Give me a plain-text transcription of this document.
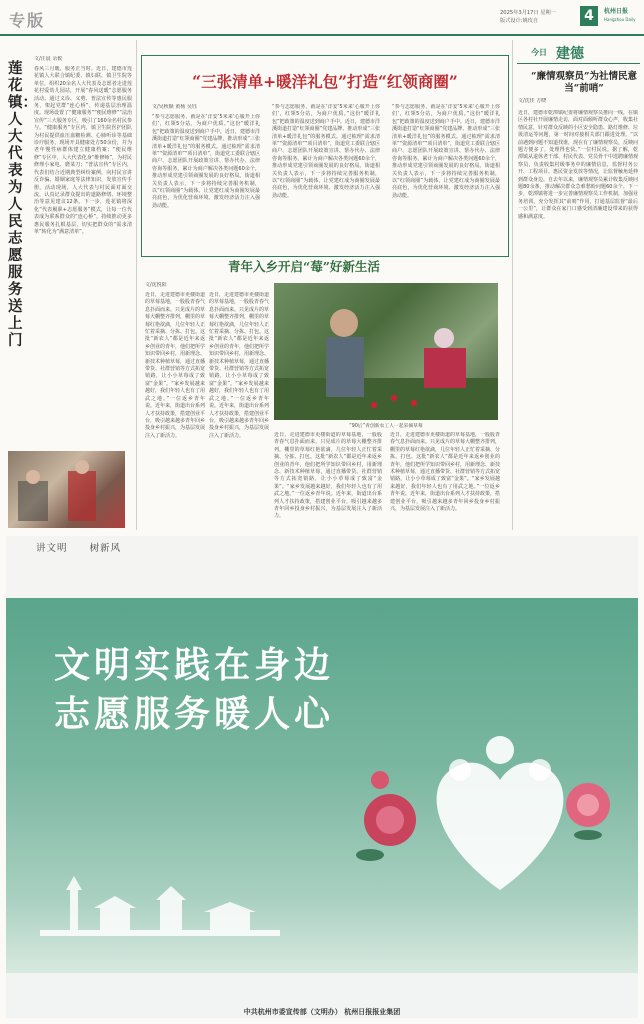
专版	2025年3月17日 星期一
版式设计:姚玫自	4	杭州日报
Hangzhou Daily
莲花镇：人大代表为人民志愿服务送上门
文/汪晨 余攸
春风三月暖，服务正当时。近日，建德市莲花镇人大联合镇纪委、镇妇联、镇卫生院等单位，组织20余名人大代表及志愿者走进莲花村爱幼儿园站，开展“春风送暖”志愿服务活动。通过义诊、义剪、普法宣传等惠民服务，架起党群“连心桥”，传递基层治理温度。现场设置了“健康服务”“便民维修”“法治宣传”三大服务专区，吸引了160余名村民参与。“健康服务”专区内，镇卫生院医护团队为村民提供血压血糖检测、心肺听诊等基础诊疗服务，现场开具健康处方50余份，并为老年慢性病群体建立健康档案；“便民维修”专区中，人大代表化身“维修师”，为村民修理小家电、磨菜刀；“普法宣传”专区内，代表们结合近期典型纠纷案例，向村民宣讲反诈骗、婚姻家庭等法律知识，发放宣传手册。活动现场，人大代表与村民面对面交流，认真记录群众提出的道路修缮、环境整治等意见建议12条。下一步，莲花镇将深化“代表履职+志愿服务”模式，让每一位代表成为联系群众的“连心桥”，持续推动更多惠民服务扎根基层，切实把群众的“需求清单”转化为“满意清单”。
“三张清单+暖洋礼包”打造“红领商圈”
文/吴秋顺 黄杨 吴钰
“参与志愿服务，就是在‘洋安’5米来‘心服开上你们’，红领5分站，为商户优质。”这份“暖洋礼包”把政策的温度送到商户手中。近日，建德市洋溪街道打造“红领商圈”党建品牌，推动形成“三张清单+暖洋礼包”的服务模式。通过梳理“需求清单”“资源清单”“项目清单”，街道党工委联合辖区商户、志愿团队开展政策宣讲、帮办代办、法律咨询等服务，累计为商户解决各类问题60余个，推动形成党建引领商圈发展的良好格局。街道相关负责人表示，下一步将持续完善服务机制，以“红领商圈”为载体，让党建红成为商圈发展最亮底色，为优化营商环境、激发经济活力注入强劲动能。
“参与志愿服务，就是在‘洋安’5米来‘心服开上你们’，红领5分站，为商户优质。”这份“暖洋礼包”把政策的温度送到商户手中。近日，建德市洋溪街道打造“红领商圈”党建品牌，推动形成“三张清单+暖洋礼包”的服务模式。通过梳理“需求清单”“资源清单”“项目清单”，街道党工委联合辖区商户、志愿团队开展政策宣讲、帮办代办、法律咨询等服务，累计为商户解决各类问题60余个，推动形成党建引领商圈发展的良好格局。街道相关负责人表示，下一步将持续完善服务机制，以“红领商圈”为载体，让党建红成为商圈发展最亮底色，为优化营商环境、激发经济活力注入强劲动能。
“参与志愿服务，就是在‘洋安’5米来‘心服开上你们’，红领5分站，为商户优质。”这份“暖洋礼包”把政策的温度送到商户手中。近日，建德市洋溪街道打造“红领商圈”党建品牌，推动形成“三张清单+暖洋礼包”的服务模式。通过梳理“需求清单”“资源清单”“项目清单”，街道党工委联合辖区商户、志愿团队开展政策宣讲、帮办代办、法律咨询等服务，累计为商户解决各类问题60余个，推动形成党建引领商圈发展的良好格局。街道相关负责人表示，下一步将持续完善服务机制，以“红领商圈”为载体，让党建红成为商圈发展最亮底色，为优化营商环境、激发经济活力注入强劲动能。
青年入乡开启“莓”好新生活
文/沈悦阳
近日，走进建德市更楼街道的草莓基地，一股股青春气息扑面而来。只见成片的草莓大棚整齐排列，棚里的草莓红艳欲滴，几位年轻人正忙着采摘、分拣、打包。这批“新农人”都是近年来返乡创业的青年，他们把所学知识带回乡村，用新理念、新技术种植草莓，通过直播带货、社群营销等方式拓宽销路，让小小草莓成了致富“金果”。“家乡发展越来越好，我们年轻人也有了用武之地。”一位返乡青年说。近年来，街道出台系列人才扶持政策，搭建创业平台，吸引越来越多青年回乡投身乡村振兴，为基层发展注入了新活力。
近日，走进建德市更楼街道的草莓基地，一股股青春气息扑面而来。只见成片的草莓大棚整齐排列，棚里的草莓红艳欲滴，几位年轻人正忙着采摘、分拣、打包。这批“新农人”都是近年来返乡创业的青年，他们把所学知识带回乡村，用新理念、新技术种植草莓，通过直播带货、社群营销等方式拓宽销路，让小小草莓成了致富“金果”。“家乡发展越来越好，我们年轻人也有了用武之地。”一位返乡青年说。近年来，街道出台系列人才扶持政策，搭建创业平台，吸引越来越多青年回乡投身乡村振兴，为基层发展注入了新活力。
“90后”青创新农工人一起采摘草莓
近日，走进建德市更楼街道的草莓基地，一股股青春气息扑面而来。只见成片的草莓大棚整齐排列，棚里的草莓红艳欲滴，几位年轻人正忙着采摘、分拣、打包。这批“新农人”都是近年来返乡创业的青年，他们把所学知识带回乡村，用新理念、新技术种植草莓，通过直播带货、社群营销等方式拓宽销路，让小小草莓成了致富“金果”。“家乡发展越来越好，我们年轻人也有了用武之地。”一位返乡青年说。近年来，街道出台系列人才扶持政策，搭建创业平台，吸引越来越多青年回乡投身乡村振兴，为基层发展注入了新活力。
近日，走进建德市更楼街道的草莓基地，一股股青春气息扑面而来。只见成片的草莓大棚整齐排列，棚里的草莓红艳欲滴，几位年轻人正忙着采摘、分拣、打包。这批“新农人”都是近年来返乡创业的青年，他们把所学知识带回乡村，用新理念、新技术种植草莓，通过直播带货、社群营销等方式拓宽销路，让小小草莓成了致富“金果”。“家乡发展越来越好，我们年轻人也有了用武之地。”一位返乡青年说。近年来，街道出台系列人才扶持政策，搭建创业平台，吸引越来越多青年回乡投身乡村振兴，为基层发展注入了新活力。
今日 建德
“廉情观察员”为社情民意当“前哨”
文/沈佳 方晓
近日，建德市乾潭镇纪委将廉情观察员推向一线，在镇区各村社开展廉情走访，面对面倾听群众心声，收集社情民意，针对群众反映的小区安全隐患、路灯维修、垃圾清运等问题，第一时间对接相关部门跟进处理。“以前遇到问题不知道找谁，现在有了廉情观察员，反映问题方便多了，处理得也快。”一位村民说。据了解，乾潭镇从退休老干部、村民代表、党员骨干中选聘廉情观察员，负责收集村级事务中的廉情信息，监督村务公开、工程项目、惠民资金发放等情况，让监督触角延伸到群众身边。自去年以来，廉情观察员累计收集反映问题80余条，推动解决群众急难愁盼问题60余个。下一步，乾潭镇将进一步完善廉情观察员工作机制，加强业务培训，充分发挥其“前哨”作用，打通基层监督“最后一公里”，让群众在家门口感受到清廉建设带来的获得感和满意度。
讲文明 树新风
文明实践在身边
志愿服务暖人心
中共杭州市委宣传部（文明办） 杭州日报报业集团
